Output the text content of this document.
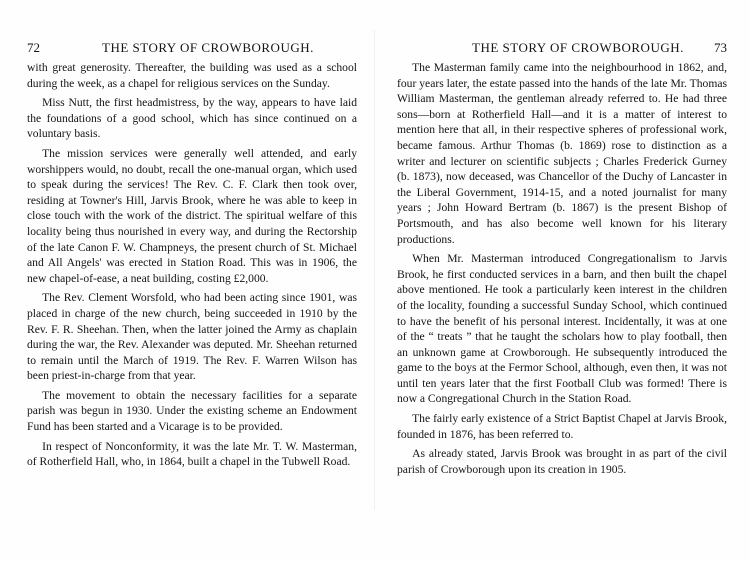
72	THE STORY OF CROWBOROUGH.

with great generosity. Thereafter, the building was used as a school during the week, as a chapel for religious services on the Sunday.

Miss Nutt, the first headmistress, by the way, appears to have laid the foundations of a good school, which has since continued on a voluntary basis.

The mission services were generally well attended, and early worshippers would, no doubt, recall the one-manual organ, which used to speak during the services! The Rev. C. F. Clark then took over, residing at Towner's Hill, Jarvis Brook, where he was able to keep in close touch with the work of the district. The spiritual welfare of this locality being thus nourished in every way, and during the Rectorship of the late Canon F. W. Champneys, the present church of St. Michael and All Angels' was erected in Station Road. This was in 1906, the new chapel-of-ease, a neat building, costing £2,000.

The Rev. Clement Worsfold, who had been acting since 1901, was placed in charge of the new church, being succeeded in 1910 by the Rev. F. R. Sheehan. Then, when the latter joined the Army as chaplain during the war, the Rev. Alexander was deputed. Mr. Sheehan returned to remain until the March of 1919. The Rev. F. Warren Wilson has been priest-in-charge from that year.

The movement to obtain the necessary facilities for a separate parish was begun in 1930. Under the existing scheme an Endowment Fund has been started and a Vicarage is to be provided.

In respect of Nonconformity, it was the late Mr. T. W. Masterman, of Rotherfield Hall, who, in 1864, built a chapel in the Tubwell Road.

THE STORY OF CROWBOROUGH. 73

The Masterman family came into the neighbourhood in 1862, and, four years later, the estate passed into the hands of the late Mr. Thomas William Masterman, the gentleman already referred to. He had three sons—born at Rotherfield Hall—and it is a matter of interest to mention here that all, in their respective spheres of professional work, became famous. Arthur Thomas (b. 1869) rose to distinction as a writer and lecturer on scientific subjects ; Charles Frederick Gurney (b. 1873), now deceased, was Chancellor of the Duchy of Lancaster in the Liberal Government, 1914-15, and a noted journalist for many years ; John Howard Bertram (b. 1867) is the present Bishop of Portsmouth, and has also become well known for his literary productions.

When Mr. Masterman introduced Congregationalism to Jarvis Brook, he first conducted services in a barn, and then built the chapel above mentioned. He took a particularly keen interest in the children of the locality, founding a successful Sunday School, which continued to have the benefit of his personal interest. Incidentally, it was at one of the “ treats ” that he taught the scholars how to play football, then an unknown game at Crowborough. He subsequently introduced the game to the boys at the Fermor School, although, even then, it was not until ten years later that the first Football Club was formed! There is now a Congregational Church in the Station Road.

The fairly early existence of a Strict Baptist Chapel at Jarvis Brook, founded in 1876, has been referred to.

As already stated, Jarvis Brook was brought in as part of the civil parish of Crowborough upon its creation in 1905.
